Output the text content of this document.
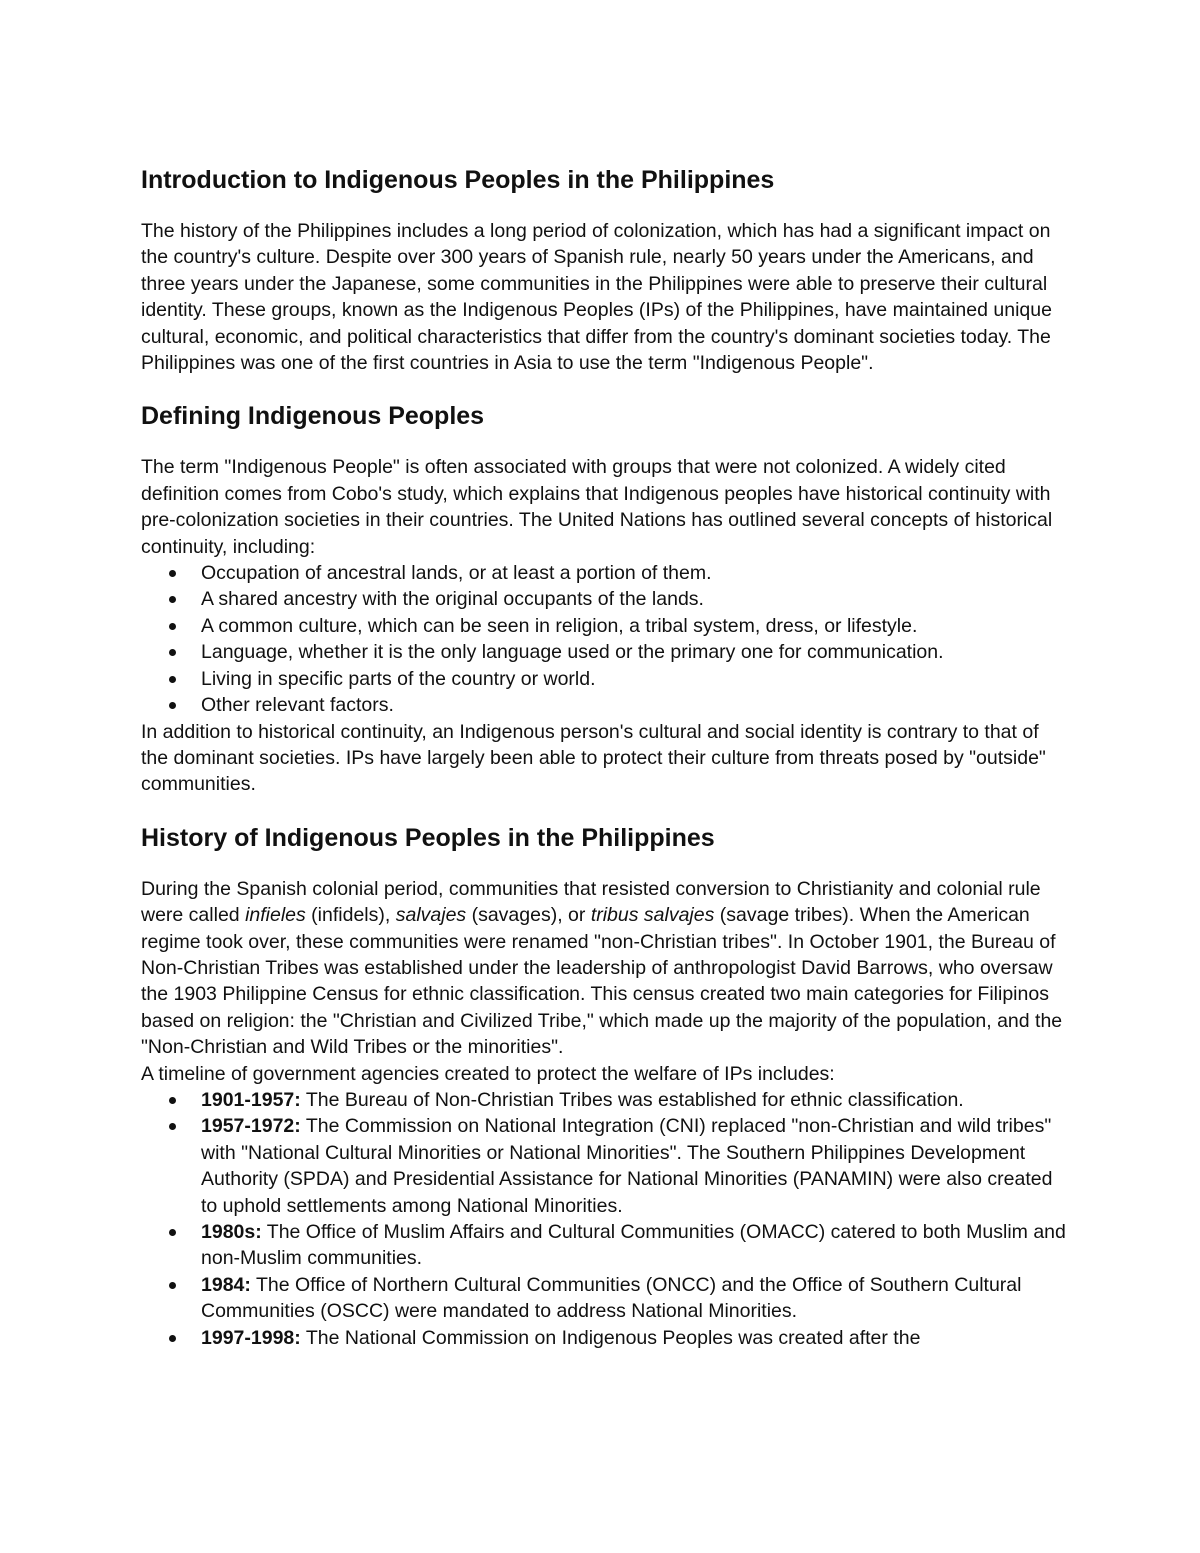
Introduction to Indigenous Peoples in the Philippines

The history of the Philippines includes a long period of colonization, which has had a significant impact on the country's culture. Despite over 300 years of Spanish rule, nearly 50 years under the Americans, and three years under the Japanese, some communities in the Philippines were able to preserve their cultural identity. These groups, known as the Indigenous Peoples (IPs) of the Philippines, have maintained unique cultural, economic, and political characteristics that differ from the country's dominant societies today. The Philippines was one of the first countries in Asia to use the term "Indigenous People".

Defining Indigenous Peoples

The term "Indigenous People" is often associated with groups that were not colonized. A widely cited definition comes from Cobo's study, which explains that Indigenous peoples have historical continuity with pre-colonization societies in their countries. The United Nations has outlined several concepts of historical continuity, including:

Occupation of ancestral lands, or at least a portion of them.
A shared ancestry with the original occupants of the lands.
A common culture, which can be seen in religion, a tribal system, dress, or lifestyle.
Language, whether it is the only language used or the primary one for communication.
Living in specific parts of the country or world.
Other relevant factors.

In addition to historical continuity, an Indigenous person's cultural and social identity is contrary to that of the dominant societies. IPs have largely been able to protect their culture from threats posed by "outside" communities.

History of Indigenous Peoples in the Philippines

During the Spanish colonial period, communities that resisted conversion to Christianity and colonial rule were called infieles (infidels), salvajes (savages), or tribus salvajes (savage tribes). When the American regime took over, these communities were renamed "non-Christian tribes". In October 1901, the Bureau of Non-Christian Tribes was established under the leadership of anthropologist David Barrows, who oversaw the 1903 Philippine Census for ethnic classification. This census created two main categories for Filipinos based on religion: the "Christian and Civilized Tribe," which made up the majority of the population, and the "Non-Christian and Wild Tribes or the minorities".

A timeline of government agencies created to protect the welfare of IPs includes:

1901-1957: The Bureau of Non-Christian Tribes was established for ethnic classification.
1957-1972: The Commission on National Integration (CNI) replaced "non-Christian and wild tribes" with "National Cultural Minorities or National Minorities". The Southern Philippines Development Authority (SPDA) and Presidential Assistance for National Minorities (PANAMIN) were also created to uphold settlements among National Minorities.
1980s: The Office of Muslim Affairs and Cultural Communities (OMACC) catered to both Muslim and non-Muslim communities.
1984: The Office of Northern Cultural Communities (ONCC) and the Office of Southern Cultural Communities (OSCC) were mandated to address National Minorities.
1997-1998: The National Commission on Indigenous Peoples was created after the
